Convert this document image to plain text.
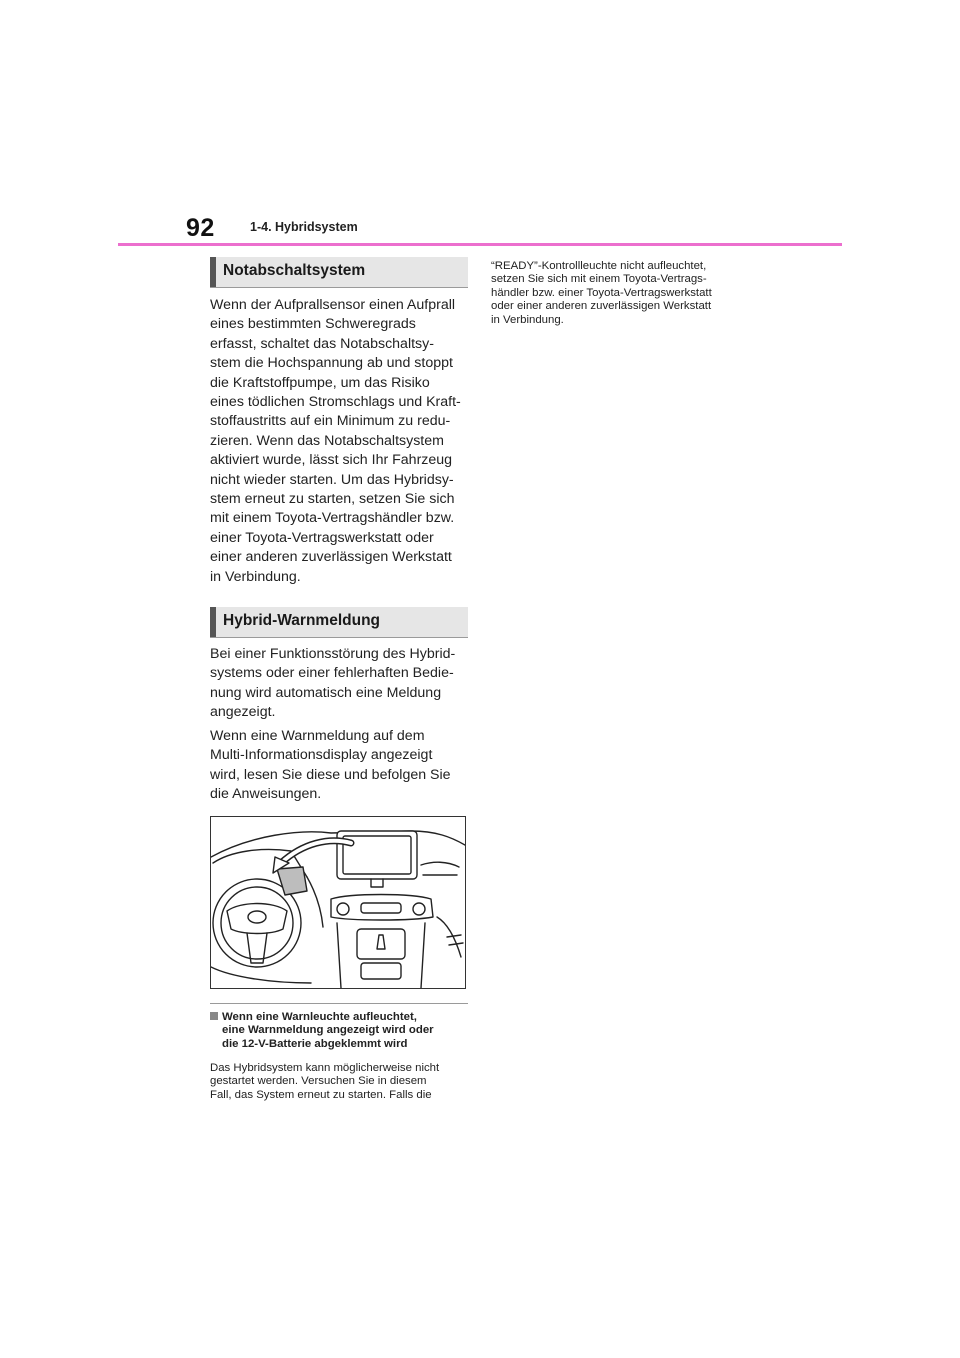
92	1-4. Hybridsystem
Notabschaltsystem

Wenn der Aufprallsensor einen Aufprall

eines bestimmten Schweregrads

erfasst, schaltet das Notabschaltsy-

stem die Hochspannung ab und stoppt

die Kraftstoffpumpe, um das Risiko

eines tödlichen Stromschlags und Kraft-

stoffaustritts auf ein Minimum zu redu-

zieren. Wenn das Notabschaltsystem

aktiviert wurde, lässt sich Ihr Fahrzeug

nicht wieder starten. Um das Hybridsy-

stem erneut zu starten, setzen Sie sich

mit einem Toyota-Vertragshändler bzw.

einer Toyota-Vertragswerkstatt oder

einer anderen zuverlässigen Werkstatt

in Verbindung.

Hybrid-Warnmeldung

Bei einer Funktionsstörung des Hybrid-

systems oder einer fehlerhaften Bedie-

nung wird automatisch eine Meldung

angezeigt.

Wenn eine Warnmeldung auf dem

Multi-Informationsdisplay angezeigt

wird, lesen Sie diese und befolgen Sie

die Anweisungen.

Wenn eine Warnleuchte aufleuchtet,
eine Warnmeldung angezeigt wird oder
die 12-V-Batterie abgeklemmt wird
Das Hybridsystem kann möglicherweise nicht
gestartet werden. Versuchen Sie in diesem
Fall, das System erneut zu starten. Falls die
“READY”-Kontrollleuchte nicht aufleuchtet,
setzen Sie sich mit einem Toyota-Vertrags-
händler bzw. einer Toyota-Vertragswerkstatt
oder einer anderen zuverlässigen Werkstatt
in Verbindung.
